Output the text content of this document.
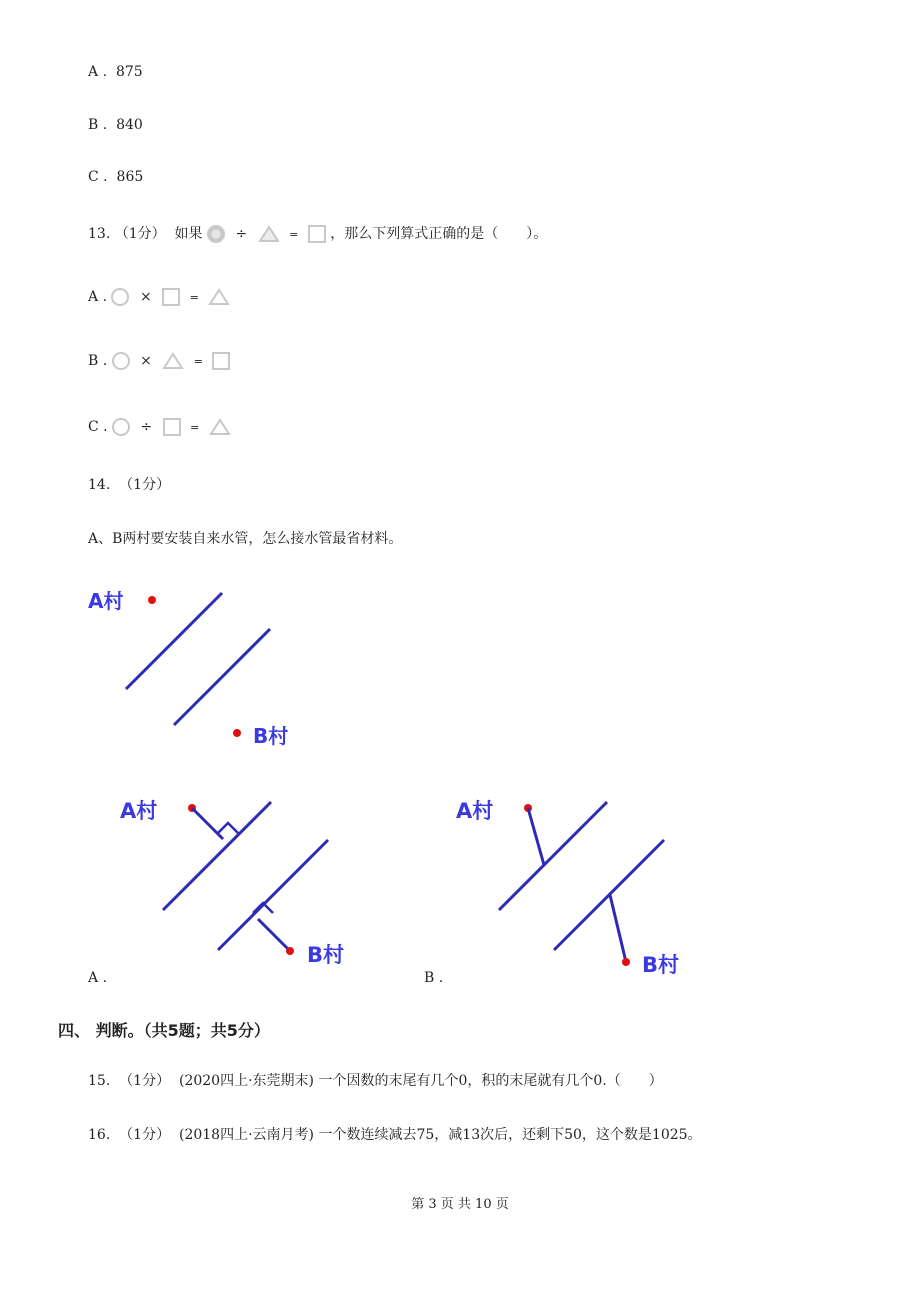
A .  875
B .  840
C .  865
13. （1分） 如果 ÷	= ，那么下列算式正确的是（　　）。
A .  ×	=
B .  ×	=
C .  ÷	=
14. （1分）
A、B两村要安装自来水管，怎么接水管最省材料。
A村
B村
A村
B村
A .
A村
B村
B .
四、 判断。（共5题；共5分）
15. （1分） (2020四上·东莞期末) 一个因数的末尾有几个0，积的末尾就有几个0.（　　）
16. （1分） (2018四上·云南月考) 一个数连续减去75，减13次后，还剩下50，这个数是1025。
第 3 页 共 10 页
